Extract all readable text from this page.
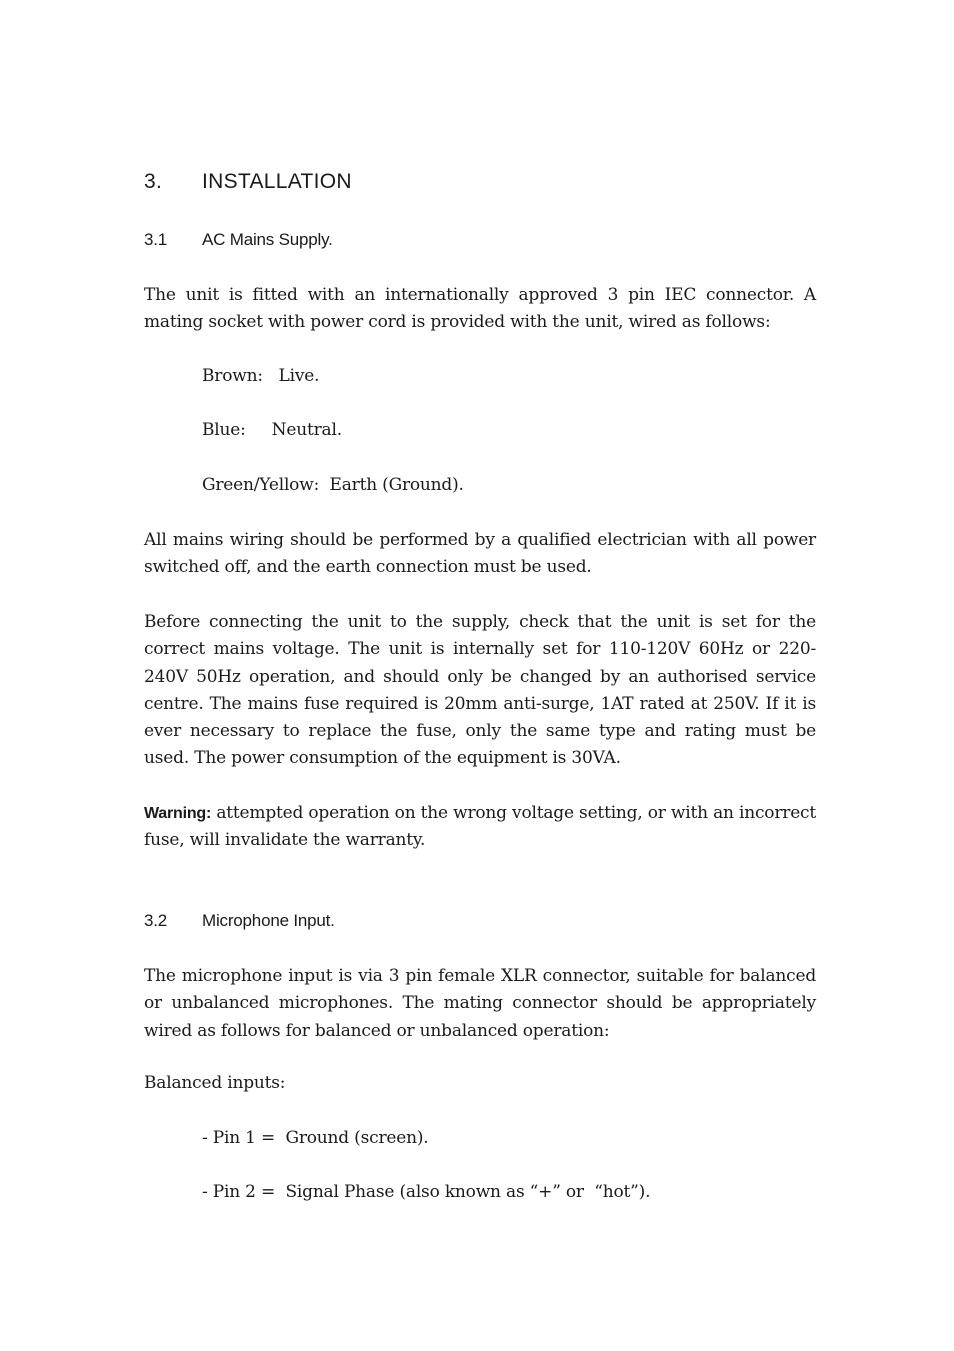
3. INSTALLATION
3.1 AC Mains Supply.
The unit is fitted with an internationally approved 3 pin IEC connector. A mating socket with power cord is provided with the unit, wired as follows:
Brown:   Live.
Blue:     Neutral.
Green/Yellow:  Earth (Ground).
All mains wiring should be performed by a qualified electrician with all power switched off, and the earth connection must be used.
Before connecting the unit to the supply, check that the unit is set for the correct mains voltage. The unit is internally set for 110-120V 60Hz or 220-240V 50Hz operation, and should only be changed by an authorised service centre. The mains fuse required is 20mm anti-surge, 1AT rated at 250V. If it is ever necessary to replace the fuse, only the same type and rating must be used. The power consumption of the equipment is 30VA.
Warning: attempted operation on the wrong voltage setting, or with an incorrect fuse, will invalidate the warranty.
3.2 Microphone Input.
The microphone input is via 3 pin female XLR connector, suitable for balanced or unbalanced microphones. The mating connector should be appropriately wired as follows for balanced or unbalanced operation:
Balanced inputs:
- Pin 1 =  Ground (screen).
- Pin 2 =  Signal Phase (also known as “+” or  “hot”).
